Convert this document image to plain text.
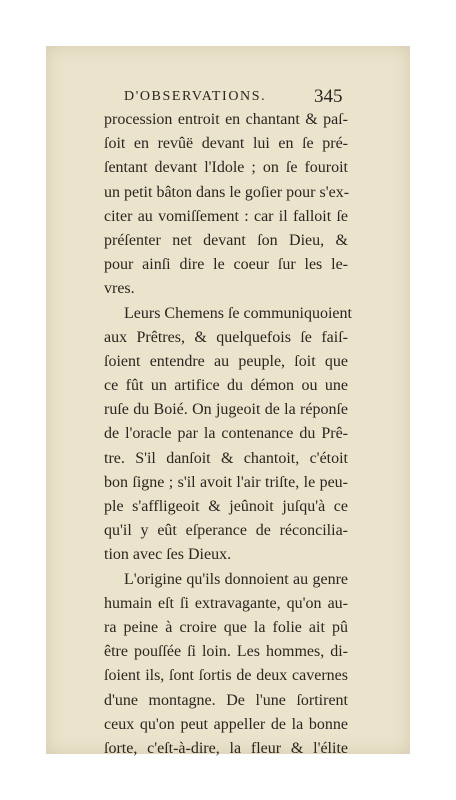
D'OBSERVATIONS.	345
procession entroit en chantant & paſ-
ſoit en revûë devant lui en ſe pré-
ſentant devant l'Idole ; on ſe fouroit
un petit bâton dans le goſier pour s'ex-
citer au vomiſſement : car il falloit ſe
préſenter net devant ſon Dieu, &
pour ainſi dire le coeur ſur les le-
vres.
Leurs Chemens ſe communiquoient
aux Prêtres, & quelquefois ſe faiſ-
ſoient entendre au peuple, ſoit que
ce fût un artifice du démon ou une
ruſe du Boié. On jugeoit de la réponſe
de l'oracle par la contenance du Prê-
tre. S'il danſoit & chantoit, c'étoit
bon ſigne ; s'il avoit l'air triſte, le peu-
ple s'affligeoit & jeûnoit juſqu'à ce
qu'il y eût eſperance de réconcilia-
tion avec ſes Dieux.
L'origine qu'ils donnoient au genre
humain eſt ſi extravagante, qu'on au-
ra peine à croire que la folie ait pû
être pouſſée ſi loin. Les hommes, di-
ſoient ils, ſont ſortis de deux cavernes
d'une montagne. De l'une ſortirent
ceux qu'on peut appeller de la bonne
ſorte, c'eſt-à-dire, la fleur & l'élite
